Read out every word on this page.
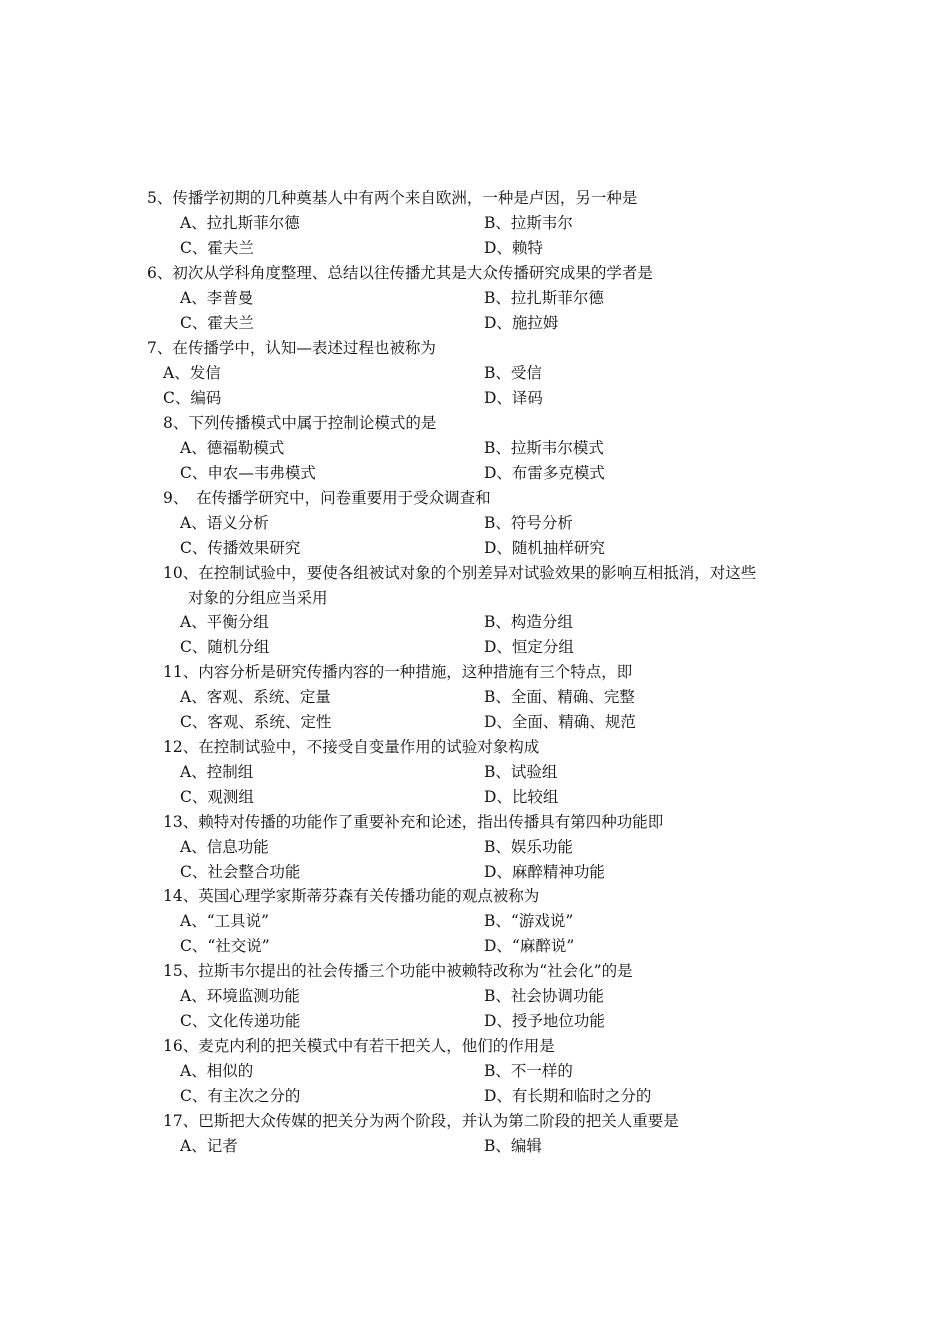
5、传播学初期的几种奠基人中有两个来自欧洲，一种是卢因，另一种是
A、拉扎斯菲尔德	B、拉斯韦尔
C、霍夫兰	D、赖特
6、初次从学科角度整理、总结以往传播尤其是大众传播研究成果的学者是
A、李普曼	B、拉扎斯菲尔德
C、霍夫兰	D、施拉姆
7、在传播学中，认知—表述过程也被称为
A、发信	B、受信
C、编码	D、译码
8、下列传播模式中属于控制论模式的是
A、德福勒模式	B、拉斯韦尔模式
C、申农—韦弗模式	D、布雷多克模式
9、　在传播学研究中，问卷重要用于受众调查和
A、语义分析	B、符号分析
C、传播效果研究	D、随机抽样研究
10、在控制试验中，要使各组被试对象的个别差异对试验效果的影响互相抵消，对这些
对象的分组应当采用
A、平衡分组	B、构造分组
C、随机分组	D、恒定分组
11、内容分析是研究传播内容的一种措施，这种措施有三个特点，即
A、客观、系统、定量	B、全面、精确、完整
C、客观、系统、定性	D、全面、精确、规范
12、在控制试验中，不接受自变量作用的试验对象构成
A、控制组	B、试验组
C、观测组	D、比较组
13、赖特对传播的功能作了重要补充和论述，指出传播具有第四种功能即
A、信息功能	B、娱乐功能
C、社会整合功能	D、麻醉精神功能
14、英国心理学家斯蒂芬森有关传播功能的观点被称为
A、“工具说”	B、“游戏说”
C、“社交说”	D、“麻醉说”
15、拉斯韦尔提出的社会传播三个功能中被赖特改称为“社会化”的是
A、环境监测功能	B、社会协调功能
C、文化传递功能	D、授予地位功能
16、麦克内利的把关模式中有若干把关人，他们的作用是
A、相似的	B、不一样的
C、有主次之分的	D、有长期和临时之分的
17、巴斯把大众传媒的把关分为两个阶段，并认为第二阶段的把关人重要是
A、记者	B、编辑
